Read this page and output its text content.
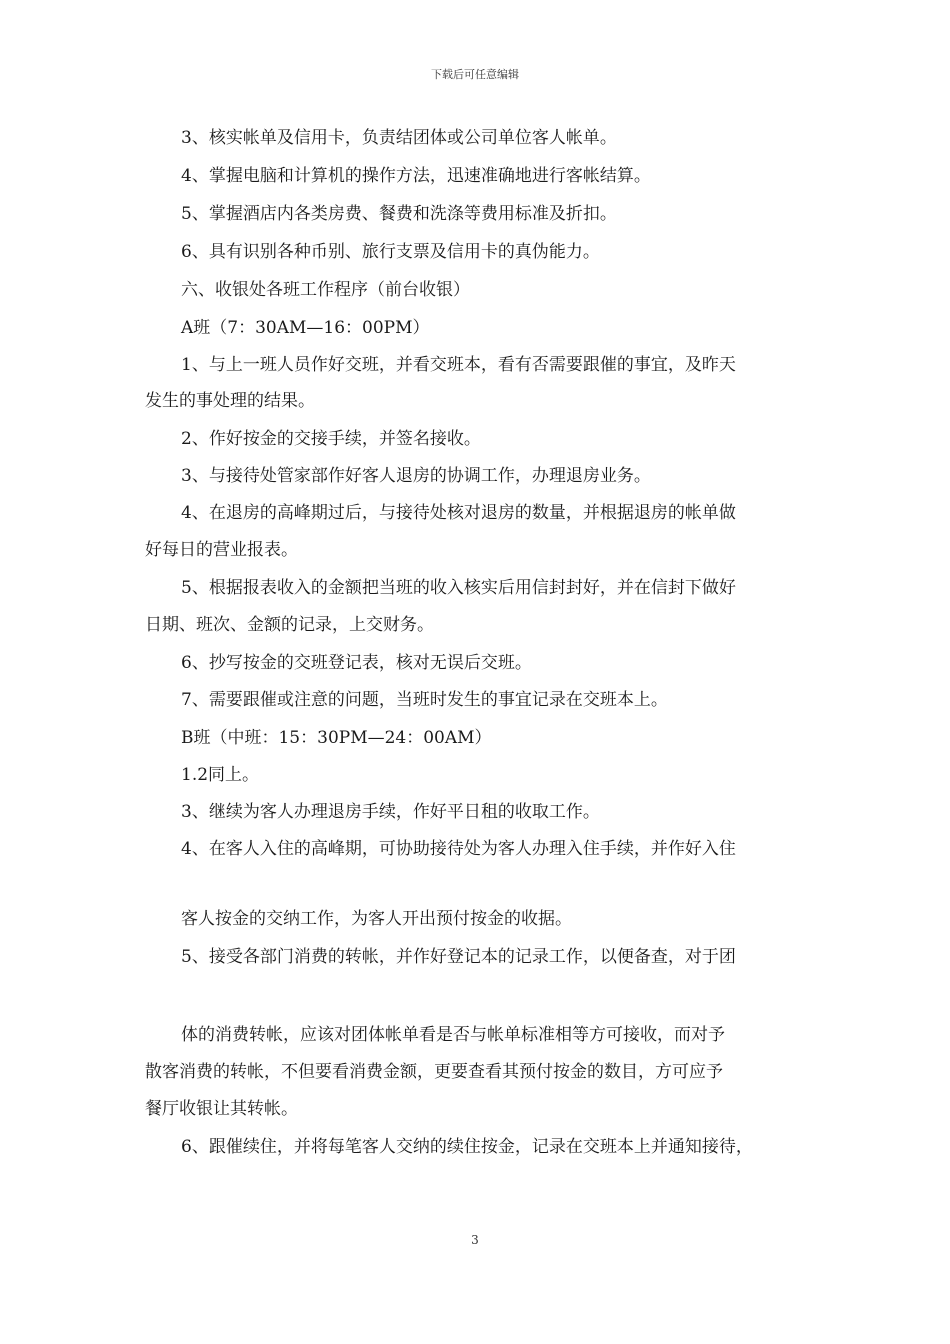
下载后可任意编辑
3、核实帐单及信用卡，负责结团体或公司单位客人帐单。
4、掌握电脑和计算机的操作方法，迅速准确地进行客帐结算。
5、掌握酒店内各类房费、餐费和洗涤等费用标准及折扣。
6、具有识别各种币别、旅行支票及信用卡的真伪能力。
六、收银处各班工作程序（前台收银）
A班（7：30AM—16：00PM）
1、与上一班人员作好交班，并看交班本，看有否需要跟催的事宜，及昨天
发生的事处理的结果。
2、作好按金的交接手续，并签名接收。
3、与接待处管家部作好客人退房的协调工作，办理退房业务。
4、在退房的高峰期过后，与接待处核对退房的数量，并根据退房的帐单做
好每日的营业报表。
5、根据报表收入的金额把当班的收入核实后用信封封好，并在信封下做好
日期、班次、金额的记录，上交财务。
6、抄写按金的交班登记表，核对无误后交班。
7、需要跟催或注意的问题，当班时发生的事宜记录在交班本上。
B班（中班：15：30PM—24：00AM）
1.2同上。
3、继续为客人办理退房手续，作好平日租的收取工作。
4、在客人入住的高峰期，可协助接待处为客人办理入住手续，并作好入住
客人按金的交纳工作，为客人开出预付按金的收据。
5、接受各部门消费的转帐，并作好登记本的记录工作，以便备查，对于团
体的消费转帐，应该对团体帐单看是否与帐单标准相等方可接收，而对予
散客消费的转帐，不但要看消费金额，更要查看其预付按金的数目，方可应予
餐厅收银让其转帐。
6、跟催续住，并将每笔客人交纳的续住按金，记录在交班本上并通知接待，
3
